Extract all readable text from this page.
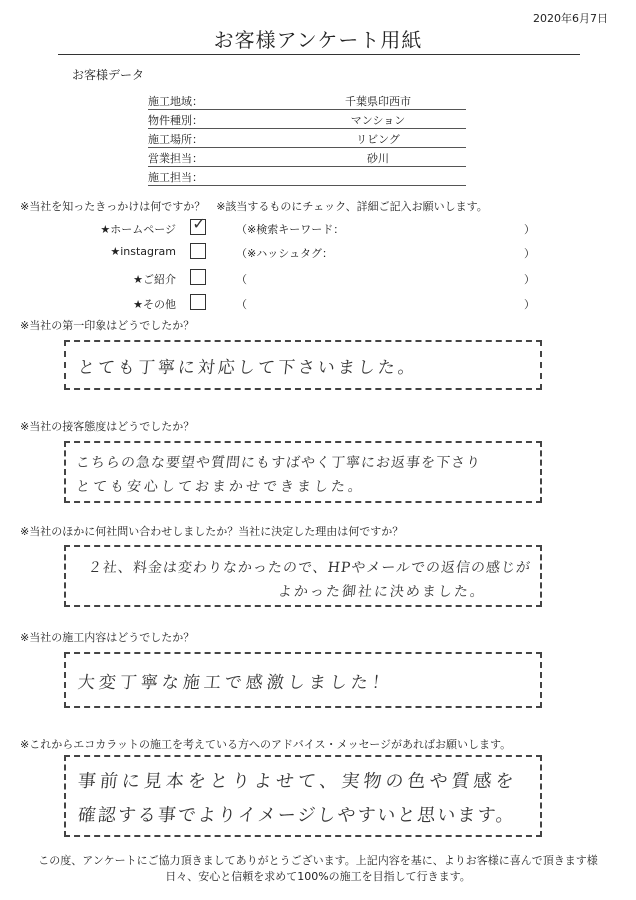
2020年6月7日
お客様アンケート用紙
お客様データ
施工地域：	千葉県印西市
物件種別：	マンション
施工場所：	リビング
営業担当：	砂川
施工担当：
※当社を知ったきっかけは何ですか？　※該当するものにチェック、詳細ご記入お願いします。
★ホームページ ✓	（※検索キーワード：	）
★instagram	（※ハッシュタグ：	）
★ご紹介	（	）
★その他	（	）
※当社の第一印象はどうでしたか？
とても丁寧に対応して下さいました。
※当社の接客態度はどうでしたか？
こちらの急な要望や質問にもすばやく丁寧にお返事を下さり
とても安心しておまかせできました。
※当社のほかに何社問い合わせしましたか？当社に決定した理由は何ですか？
２社、料金は変わりなかったので、HPやメールでの返信の感じが
よかった御社に決めました。
※当社の施工内容はどうでしたか？
大変丁寧な施工で感激しました！
※これからエコカラットの施工を考えている方へのアドバイス・メッセージがあればお願いします。
事前に見本をとりよせて、実物の色や質感を
確認する事でよりイメージしやすいと思います。
この度、アンケートにご協力頂きましてありがとうございます。上記内容を基に、よりお客様に喜んで頂きます様
日々、安心と信頼を求めて100%の施工を目指して行きます。
